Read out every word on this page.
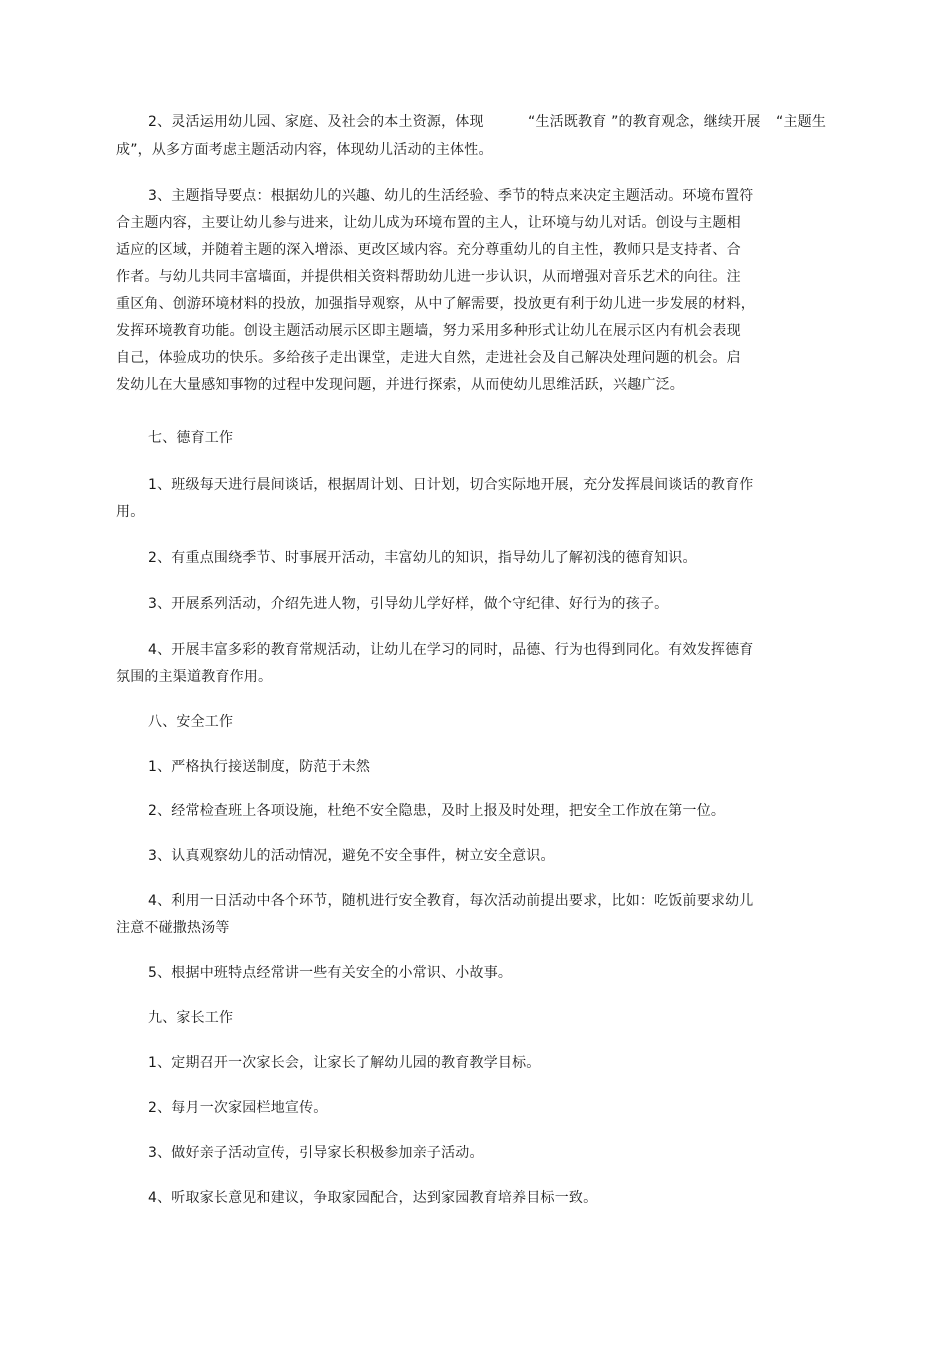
2、灵活运用幼儿园、家庭、及社会的本土资源，体现	“生活既教育 ”的教育观念，继续开展 “主题生
成”，从多方面考虑主题活动内容，体现幼儿活动的主体性。
3、主题指导要点：根据幼儿的兴趣、幼儿的生活经验、季节的特点来决定主题活动。环境布置符
合主题内容，主要让幼儿参与进来，让幼儿成为环境布置的主人，让环境与幼儿对话。创设与主题相
适应的区域，并随着主题的深入增添、更改区域内容。充分尊重幼儿的自主性，教师只是支持者、合
作者。与幼儿共同丰富墙面，并提供相关资料帮助幼儿进一步认识，从而增强对音乐艺术的向往。注
重区角、创游环境材料的投放，加强指导观察，从中了解需要，投放更有利于幼儿进一步发展的材料，
发挥环境教育功能。创设主题活动展示区即主题墙，努力采用多种形式让幼儿在展示区内有机会表现
自己，体验成功的快乐。多给孩子走出课堂，走进大自然，走进社会及自己解决处理问题的机会。启
发幼儿在大量感知事物的过程中发现问题，并进行探索，从而使幼儿思维活跃，兴趣广泛。
七、德育工作
1、班级每天进行晨间谈话，根据周计划、日计划，切合实际地开展，充分发挥晨间谈话的教育作
用。
2、有重点围绕季节、时事展开活动，丰富幼儿的知识，指导幼儿了解初浅的德育知识。
3、开展系列活动，介绍先进人物，引导幼儿学好样，做个守纪律、好行为的孩子。
4、开展丰富多彩的教育常规活动，让幼儿在学习的同时，品德、行为也得到同化。有效发挥德育
氛围的主渠道教育作用。
八、安全工作
1、严格执行接送制度，防范于未然
2、经常检查班上各项设施，杜绝不安全隐患，及时上报及时处理，把安全工作放在第一位。
3、认真观察幼儿的活动情况，避免不安全事件，树立安全意识。
4、利用一日活动中各个环节，随机进行安全教育，每次活动前提出要求，比如：吃饭前要求幼儿
注意不碰撒热汤等
5、根据中班特点经常讲一些有关安全的小常识、小故事。
九、家长工作
1、定期召开一次家长会，让家长了解幼儿园的教育教学目标。
2、每月一次家园栏地宣传。
3、做好亲子活动宣传，引导家长积极参加亲子活动。
4、听取家长意见和建议，争取家园配合，达到家园教育培养目标一致。
